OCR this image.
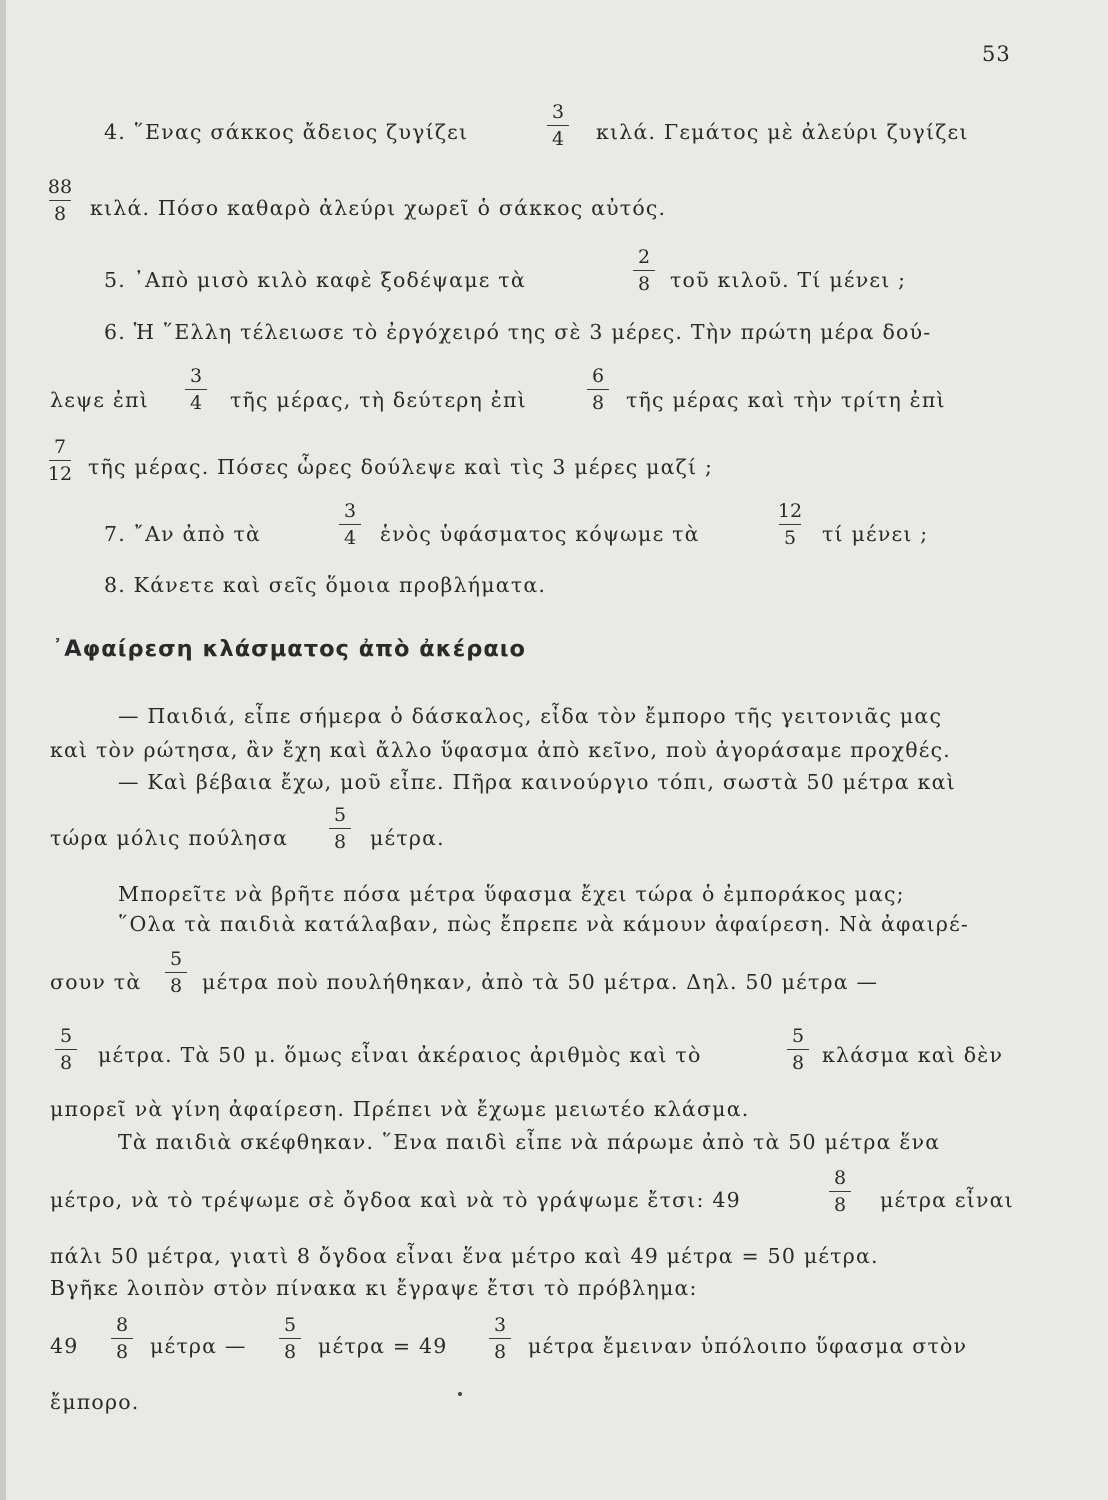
53
4. ῞Ενας σάκκος ἄδειος ζυγίζει
3
4	κιλά. Γεμάτος μὲ ἀλεύρι ζυγίζει
88
8	κιλά. Πόσο καθαρὸ ἀλεύρι χωρεῖ ὁ σάκκος αὐτός.
5. ᾿Απὸ μισὸ κιλὸ καφὲ ξοδέψαμε τὰ
2
8 τοῦ κιλοῦ. Τί μένει ;
6. Ἡ ῞Ελλη τέλειωσε τὸ ἐργόχειρό της σὲ 3 μέρες. Τὴν πρώτη μέρα δού-
λεψε ἐπὶ
3
4	τῆς μέρας, τὴ δεύτερη ἐπὶ
6
8	τῆς μέρας καὶ τὴν τρίτη ἐπὶ
7
12 τῆς μέρας. Πόσες ὧρες δούλεψε καὶ τὶς 3 μέρες μαζί ;
7. ῎Αν ἀπὸ τὰ
3
4	ἑνὸς ὑφάσματος κόψωμε τὰ
12
5	τί μένει ;
8. Κάνετε καὶ σεῖς ὅμοια προβλήματα.
᾿Αφαίρεση κλάσματος ἀπὸ ἀκέραιο
— Παιδιά, εἶπε σήμερα ὁ δάσκαλος, εἶδα τὸν ἔμπορο τῆς γειτονιᾶς μας
καὶ τὸν ρώτησα, ἂν ἔχη καὶ ἄλλο ὕφασμα ἀπὸ κεῖνο, ποὺ ἀγοράσαμε προχθές.
— Καὶ βέβαια ἔχω, μοῦ εἶπε. Πῆρα καινούργιο τόπι, σωστὰ 50 μέτρα καὶ
τώρα μόλις πούλησα
5
8	μέτρα.
Μπορεῖτε νὰ βρῆτε πόσα μέτρα ὕφασμα ἔχει τώρα ὁ ἐμποράκος μας;
῞Ολα τὰ παιδιὰ κατάλαβαν, πὼς ἔπρεπε νὰ κάμουν ἀφαίρεση. Νὰ ἀφαιρέ-
σουν τὰ
5
8 μέτρα ποὺ πουλήθηκαν, ἀπὸ τὰ 50 μέτρα. Δηλ. 50 μέτρα —
5
8	μέτρα. Τὰ 50 μ. ὅμως εἶναι ἀκέραιος ἀριθμὸς καὶ τὸ
5
8 κλάσμα καὶ δὲν
μπορεῖ νὰ γίνη ἀφαίρεση. Πρέπει νὰ ἔχωμε μειωτέο κλάσμα.
Τὰ παιδιὰ σκέφθηκαν. ῞Ενα παιδὶ εἶπε νὰ πάρωμε ἀπὸ τὰ 50 μέτρα ἕνα
μέτρο, νὰ τὸ τρέψωμε σὲ ὄγδοα καὶ νὰ τὸ γράψωμε ἔτσι: 49
8
8	μέτρα εἶναι
πάλι 50 μέτρα, γιατὶ 8 ὄγδοα εἶναι ἕνα μέτρο καὶ 49 μέτρα = 50 μέτρα.
Βγῆκε λοιπὸν στὸν πίνακα κι ἔγραψε ἔτσι τὸ πρόβλημα:
49
8
8	μέτρα —
5
8	μέτρα = 49
3
8	μέτρα ἔμειναν ὑπόλοιπο ὕφασμα στὸν
ἔμπορο.
